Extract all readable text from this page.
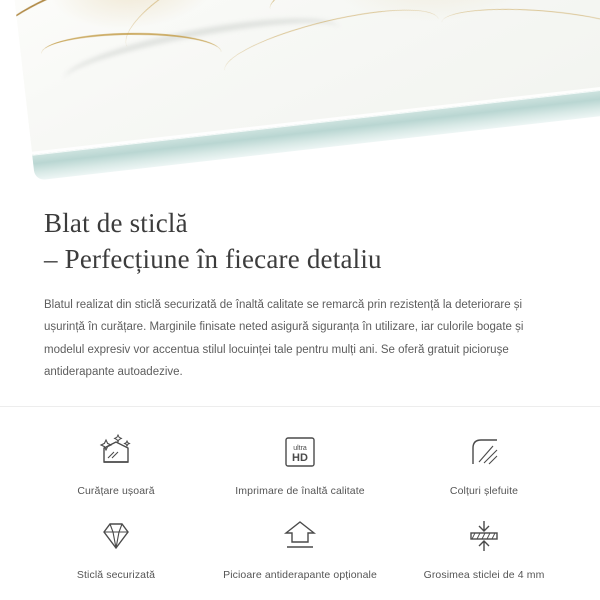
Blat de sticlă
– Perfecțiune în fiecare detaliu

Blatul realizat din sticlă securizată de înaltă calitate se remarcă prin rezistență la deteriorare și ușurință în curățare. Marginile finisate neted asigură siguranța în utilizare, iar culorile bogate și modelul expresiv vor accentua stilul locuinței tale pentru mulți ani. Se oferă gratuit picioruşe antiderapante autoadezive.

Curățare ușoară
ultra
HD
Imprimare de înaltă calitate	Colțuri șlefuite
Sticlă securizată	Picioare antiderapante opționale	Grosimea sticlei de 4 mm
